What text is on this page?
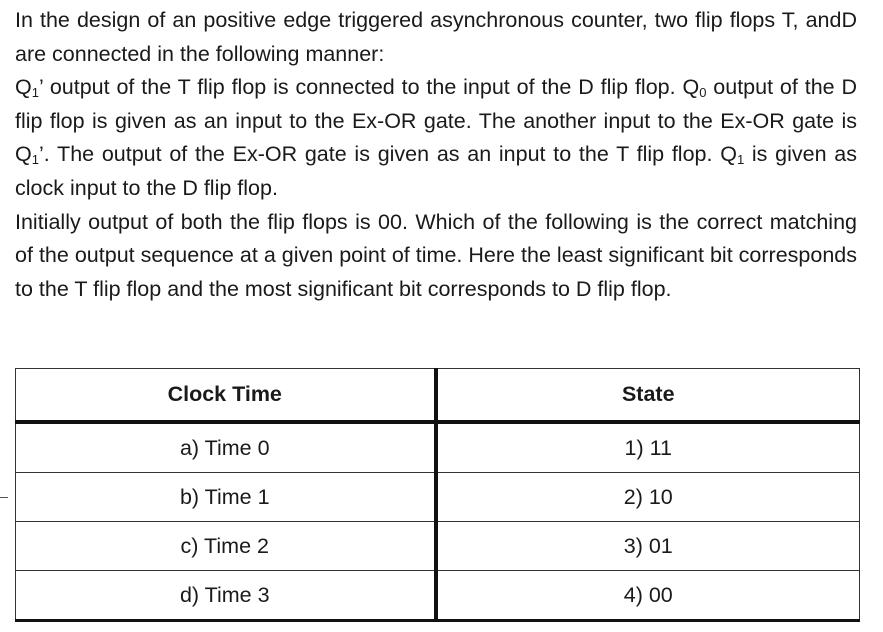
In the design of an positive edge triggered asynchronous counter, two flip flops T, andD are connected in the following manner:

$Q_1$’ output of the T flip flop is connected to the input of the D flip flop. $Q_0$ output of the D flip flop is given as an input to the Ex-OR gate. The another input to the Ex-OR gate is $Q_1$’. The output of the Ex-OR gate is given as an input to the T flip flop. $Q_1$ is given as clock input to the D flip flop.

Initially output of both the flip flops is 00. Which of the following is the correct matching of the output sequence at a given point of time. Here the least significant bit corresponds to the T flip flop and the most significant bit corresponds to D flip flop.

Clock Time	State
a) Time 0	1) 11
b) Time 1	2) 10
c) Time 2	3) 01
d) Time 3	4) 00
